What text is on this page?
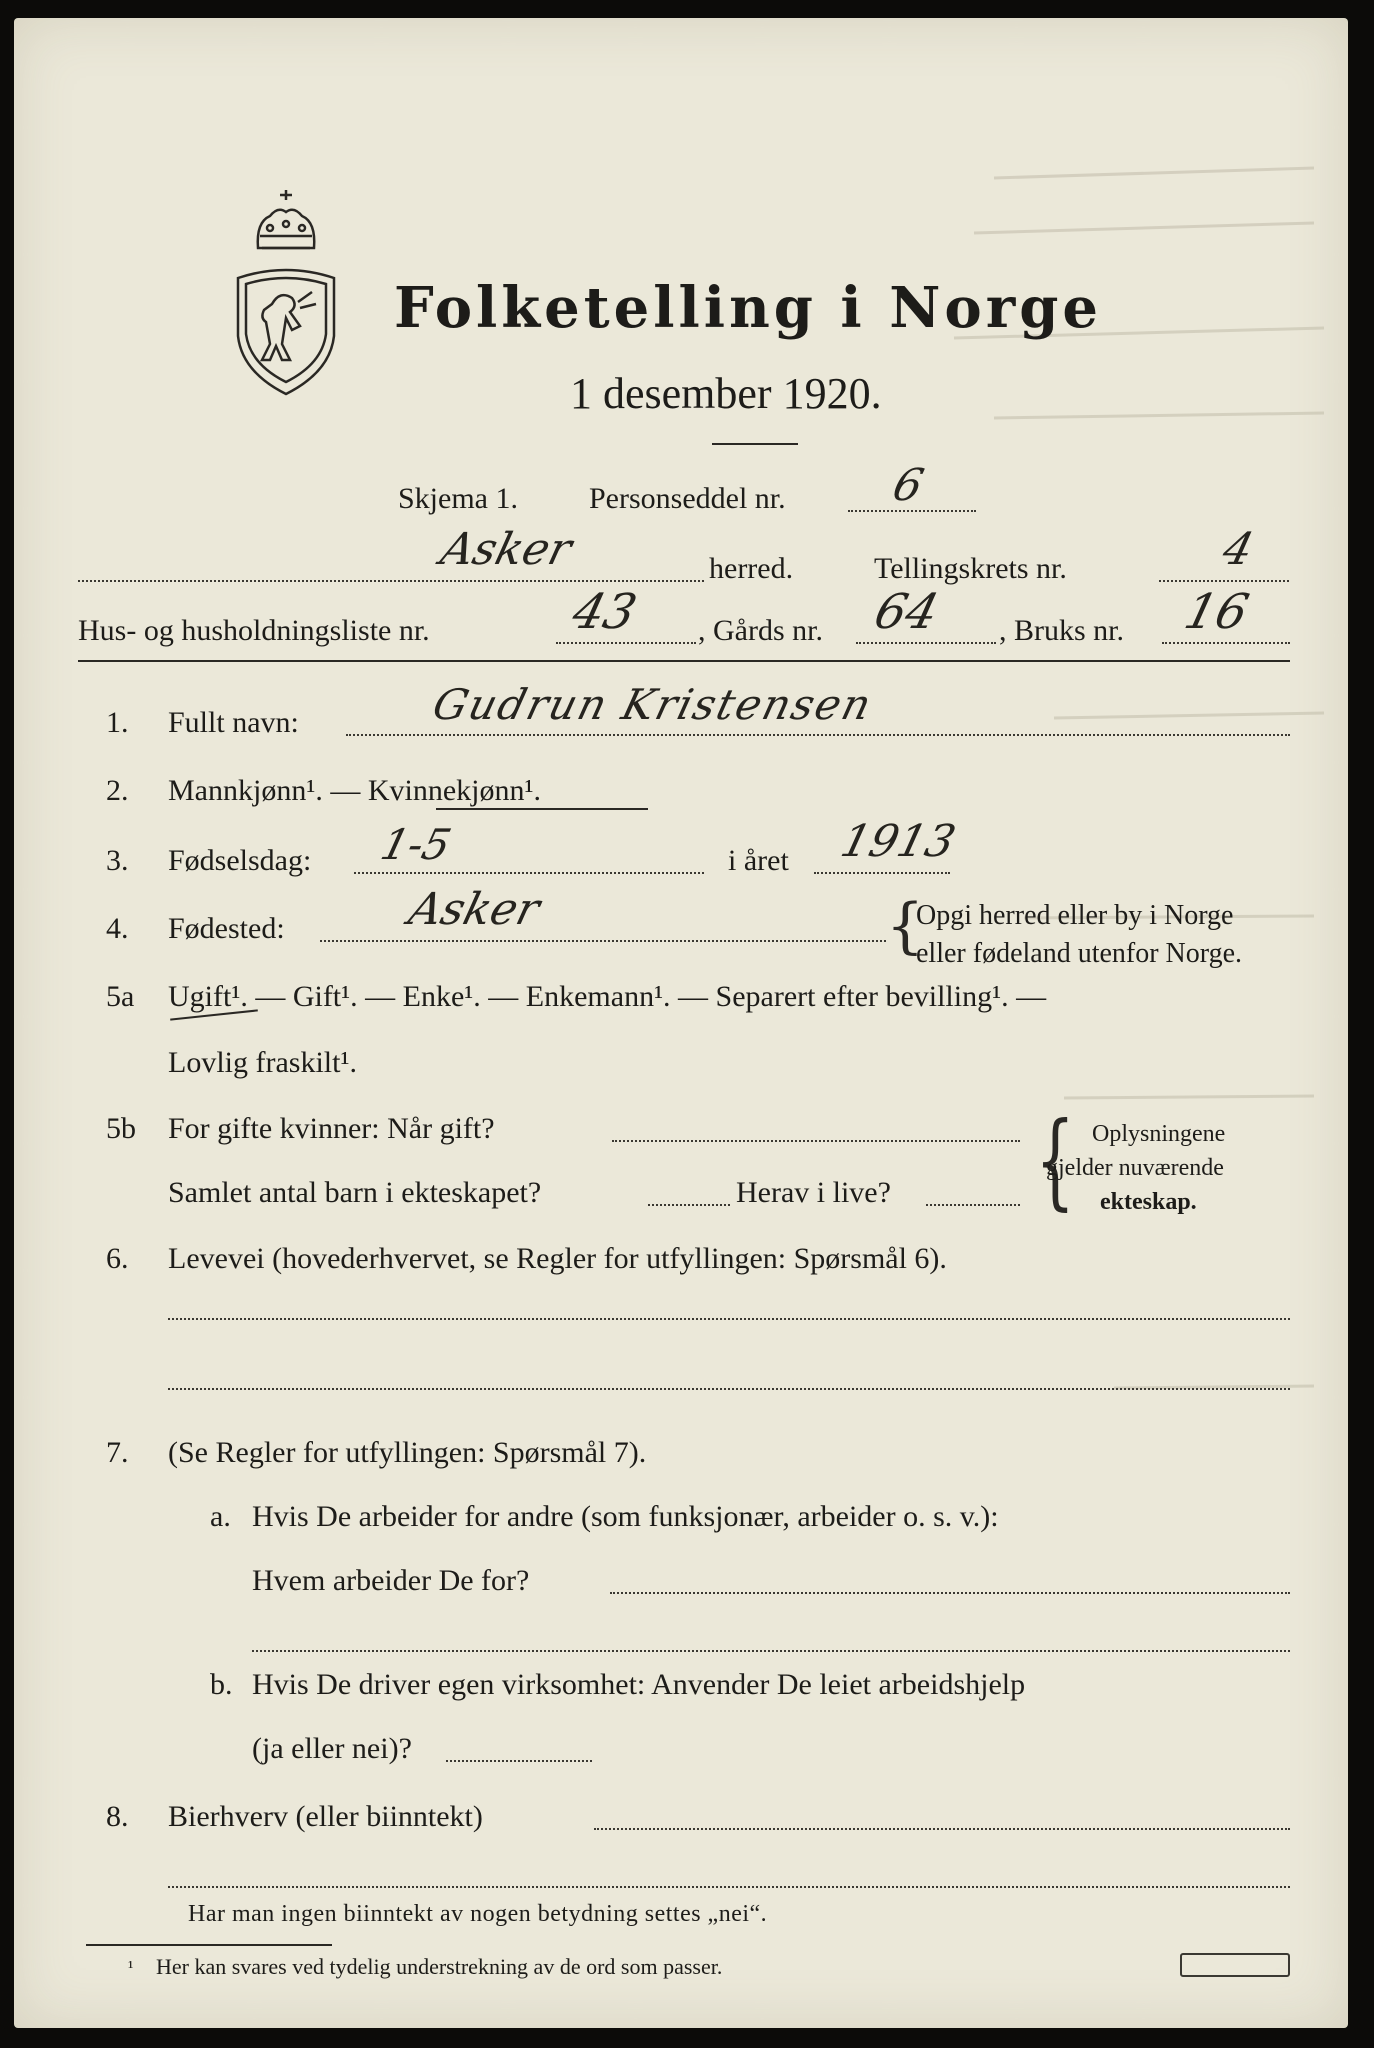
Folketelling i Norge
1 desember 1920.
Skjema 1. Personseddel nr. 6
Asker	herred.	Tellingskrets nr.	4
Hus- og husholdningsliste nr.	43 , Gårds nr. 64 , Bruks nr. 16
1. Fullt navn:	Gudrun Kristensen
2. Mannkjønn¹. — Kvinnekjønn¹.
3. Fødselsdag: 1-5	i året 1913
4. Fødested:	Asker	{
Opgi herred eller by i Norge
eller fødeland utenfor Norge.
5a Ugift¹. — Gift¹. — Enke¹. — Enkemann¹. — Separert efter bevilling¹. —
Lovlig fraskilt¹.
5b For gifte kvinner: Når gift?
Samlet antal barn i ekteskapet?	Herav i live? { Oplysningene
gjelder nuværende
ekteskap.
6. Levevei (hovederhvervet, se Regler for utfyllingen: Spørsmål 6).
7. (Se Regler for utfyllingen: Spørsmål 7).
a. Hvis De arbeider for andre (som funksjonær, arbeider o. s. v.):
Hvem arbeider De for?
b. Hvis De driver egen virksomhet: Anvender De leiet arbeidshjelp
(ja eller nei)?
8. Bierhverv (eller biinntekt)
Har man ingen biinntekt av nogen betydning settes „nei“.
¹ Her kan svares ved tydelig understrekning av de ord som passer.
